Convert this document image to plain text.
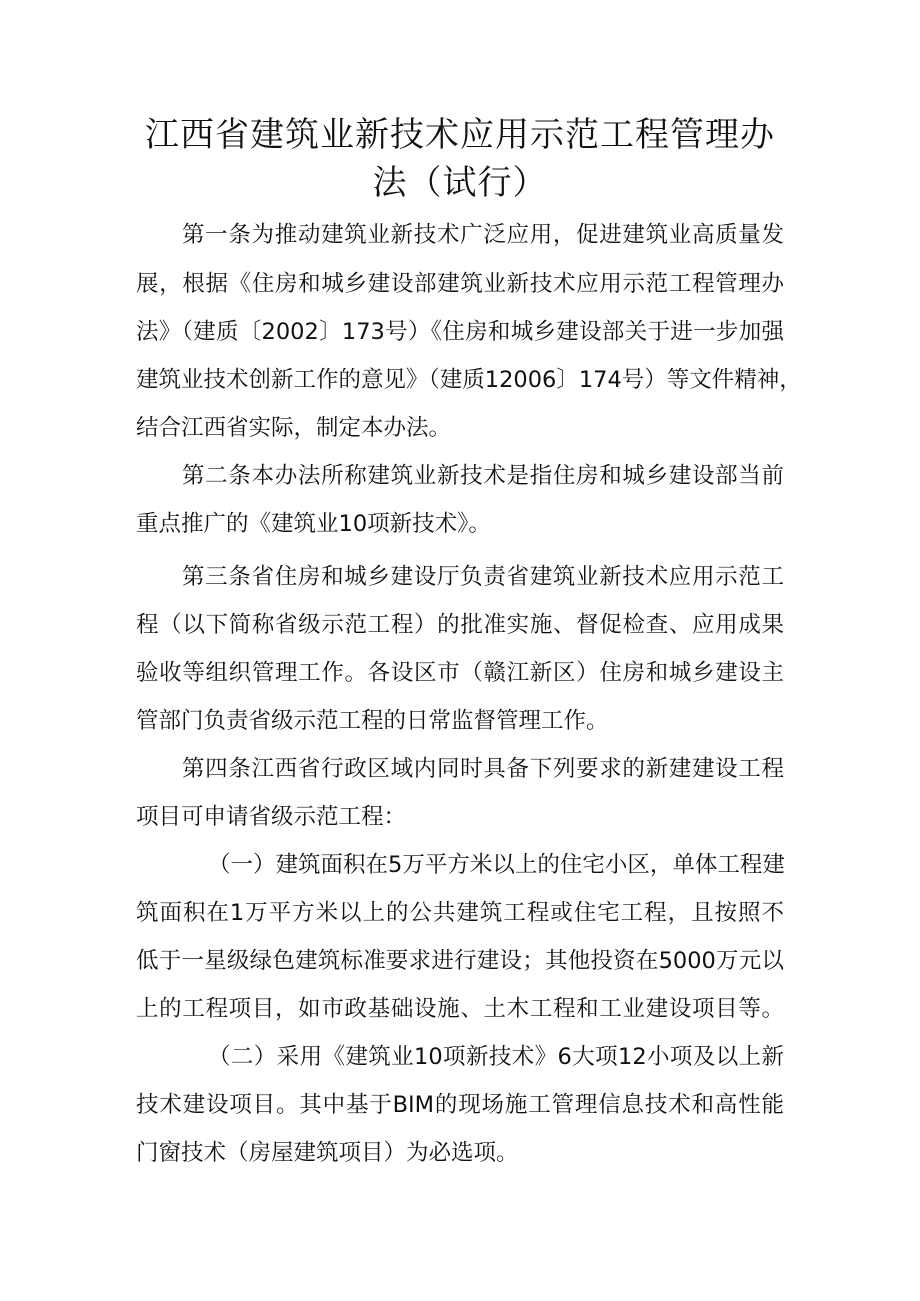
江西省建筑业新技术应用示范工程管理办
法（试行）
第一条为推动建筑业新技术广泛应用，促进建筑业高质量发
展，根据《住房和城乡建设部建筑业新技术应用示范工程管理办
法》（建质〔2002〕173号）《住房和城乡建设部关于进一步加强
建筑业技术创新工作的意见》（建质12006〕174号）等文件精神，
结合江西省实际，制定本办法。
第二条本办法所称建筑业新技术是指住房和城乡建设部当前
重点推广的《建筑业10项新技术》。
第三条省住房和城乡建设厅负责省建筑业新技术应用示范工
程（以下简称省级示范工程）的批准实施、督促检查、应用成果
验收等组织管理工作。各设区市（赣江新区）住房和城乡建设主
管部门负责省级示范工程的日常监督管理工作。
第四条江西省行政区域内同时具备下列要求的新建建设工程
项目可申请省级示范工程：
（一）建筑面积在5万平方米以上的住宅小区，单体工程建
筑面积在1万平方米以上的公共建筑工程或住宅工程，且按照不
低于一星级绿色建筑标准要求进行建设；其他投资在5000万元以
上的工程项目，如市政基础设施、土木工程和工业建设项目等。
（二）采用《建筑业10项新技术》6大项12小项及以上新
技术建设项目。其中基于BIM的现场施工管理信息技术和高性能
门窗技术（房屋建筑项目）为必选项。
